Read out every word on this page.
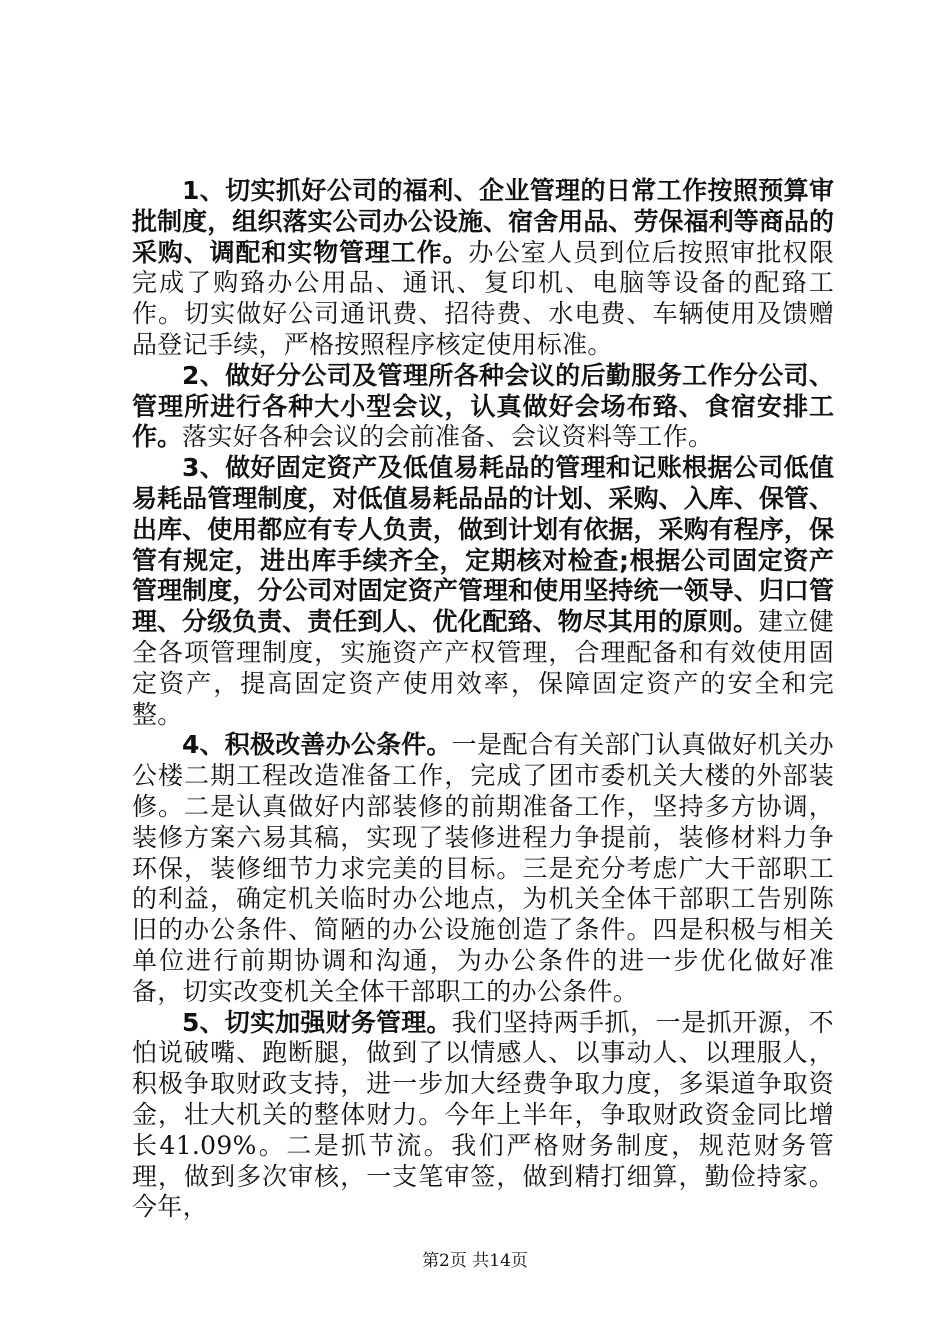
1、切实抓好公司的福利、企业管理的日常工作按照预算审批制度，组织落实公司办公设施、宿舍用品、劳保福利等商品的采购、调配和实物管理工作。办公室人员到位后按照审批权限完成了购臵办公用品、通讯、复印机、电脑等设备的配臵工作。切实做好公司通讯费、招待费、水电费、车辆使用及馈赠品登记手续，严格按照程序核定使用标准。

2、做好分公司及管理所各种会议的后勤服务工作分公司、管理所进行各种大小型会议，认真做好会场布臵、食宿安排工作。落实好各种会议的会前准备、会议资料等工作。

3、做好固定资产及低值易耗品的管理和记账根据公司低值易耗品管理制度，对低值易耗品品的计划、采购、入库、保管、出库、使用都应有专人负责，做到计划有依据，采购有程序，保管有规定，进出库手续齐全，定期核对检查;根据公司固定资产管理制度，分公司对固定资产管理和使用坚持统一领导、归口管理、分级负责、责任到人、优化配臵、物尽其用的原则。建立健全各项管理制度，实施资产产权管理，合理配备和有效使用固定资产，提高固定资产使用效率，保障固定资产的安全和完整。

4、积极改善办公条件。一是配合有关部门认真做好机关办公楼二期工程改造准备工作，完成了团市委机关大楼的外部装修。二是认真做好内部装修的前期准备工作，坚持多方协调，装修方案六易其稿，实现了装修进程力争提前，装修材料力争环保，装修细节力求完美的目标。三是充分考虑广大干部职工的利益，确定机关临时办公地点，为机关全体干部职工告别陈旧的办公条件、简陋的办公设施创造了条件。四是积极与相关单位进行前期协调和沟通，为办公条件的进一步优化做好准备，切实改变机关全体干部职工的办公条件。

5、切实加强财务管理。我们坚持两手抓，一是抓开源，不怕说破嘴、跑断腿，做到了以情感人、以事动人、以理服人，积极争取财政支持，进一步加大经费争取力度，多渠道争取资金，壮大机关的整体财力。今年上半年，争取财政资金同比增长41.09%。二是抓节流。我们严格财务制度，规范财务管理，做到多次审核，一支笔审签，做到精打细算，勤俭持家。今年，

第2页 共14页
